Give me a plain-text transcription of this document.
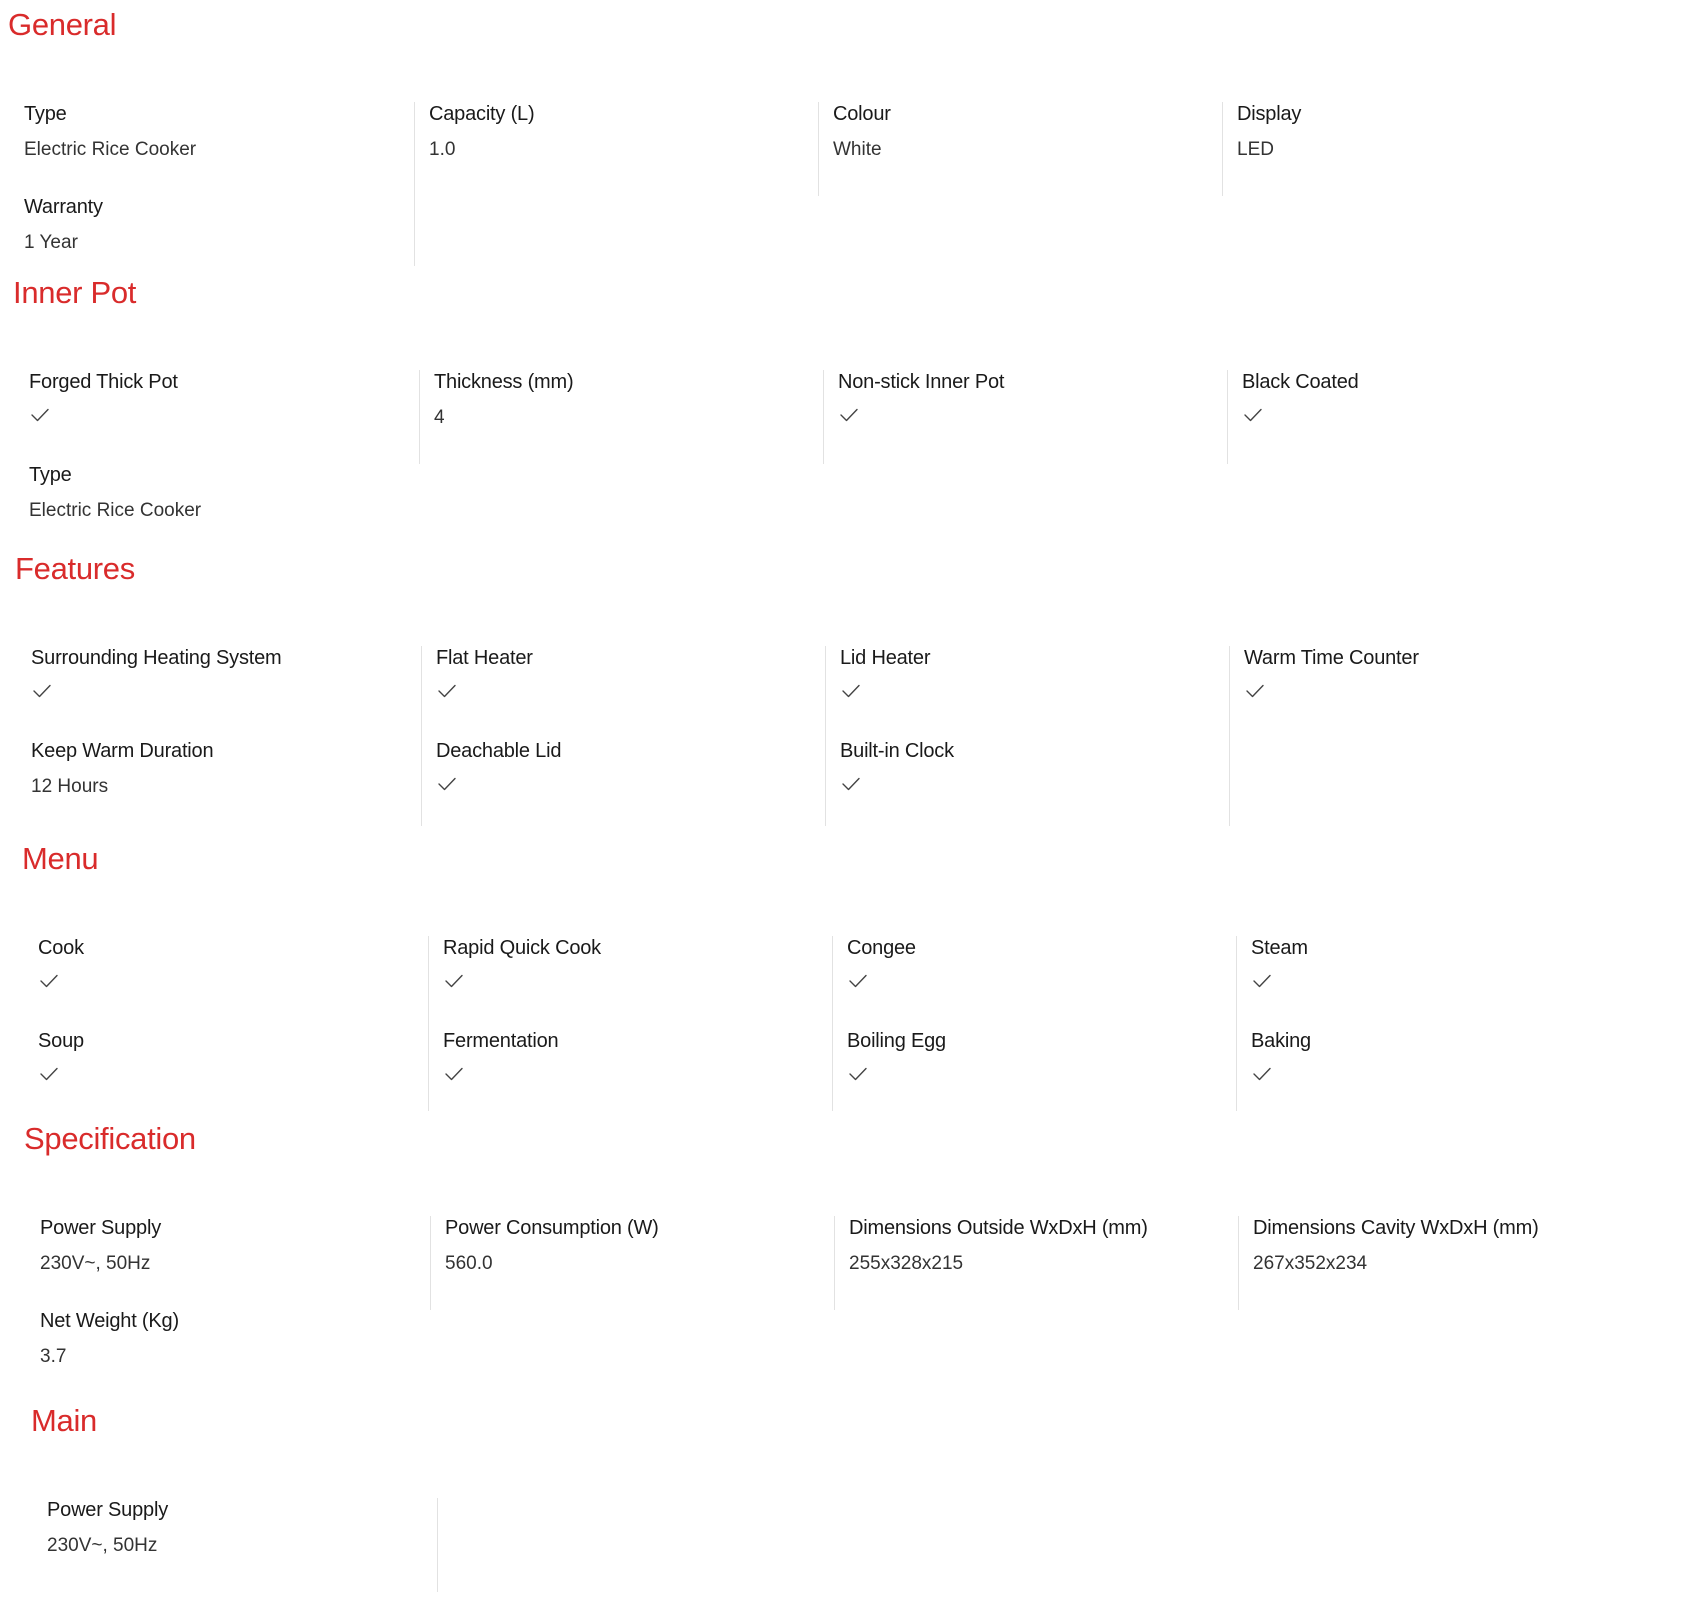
General
Type
Electric Rice Cooker
Warranty
1 Year
Capacity (L)
1.0
Colour
White
Display
LED
Inner Pot
Forged Thick Pot
Type
Electric Rice Cooker
Thickness (mm)
4
Non-stick Inner Pot	Black Coated
Features
Surrounding Heating System
Keep Warm Duration
12 Hours
Flat Heater
Deachable Lid
Lid Heater
Built-in Clock
Warm Time Counter
Menu
Cook
Soup
Rapid Quick Cook
Fermentation
Congee
Boiling Egg
Steam
Baking
Specification
Power Supply
230V~, 50Hz
Net Weight (Kg)
3.7
Power Consumption (W)
560.0
Dimensions Outside WxDxH (mm)
255x328x215
Dimensions Cavity WxDxH (mm)
267x352x234
Main
Power Supply
230V~, 50Hz
